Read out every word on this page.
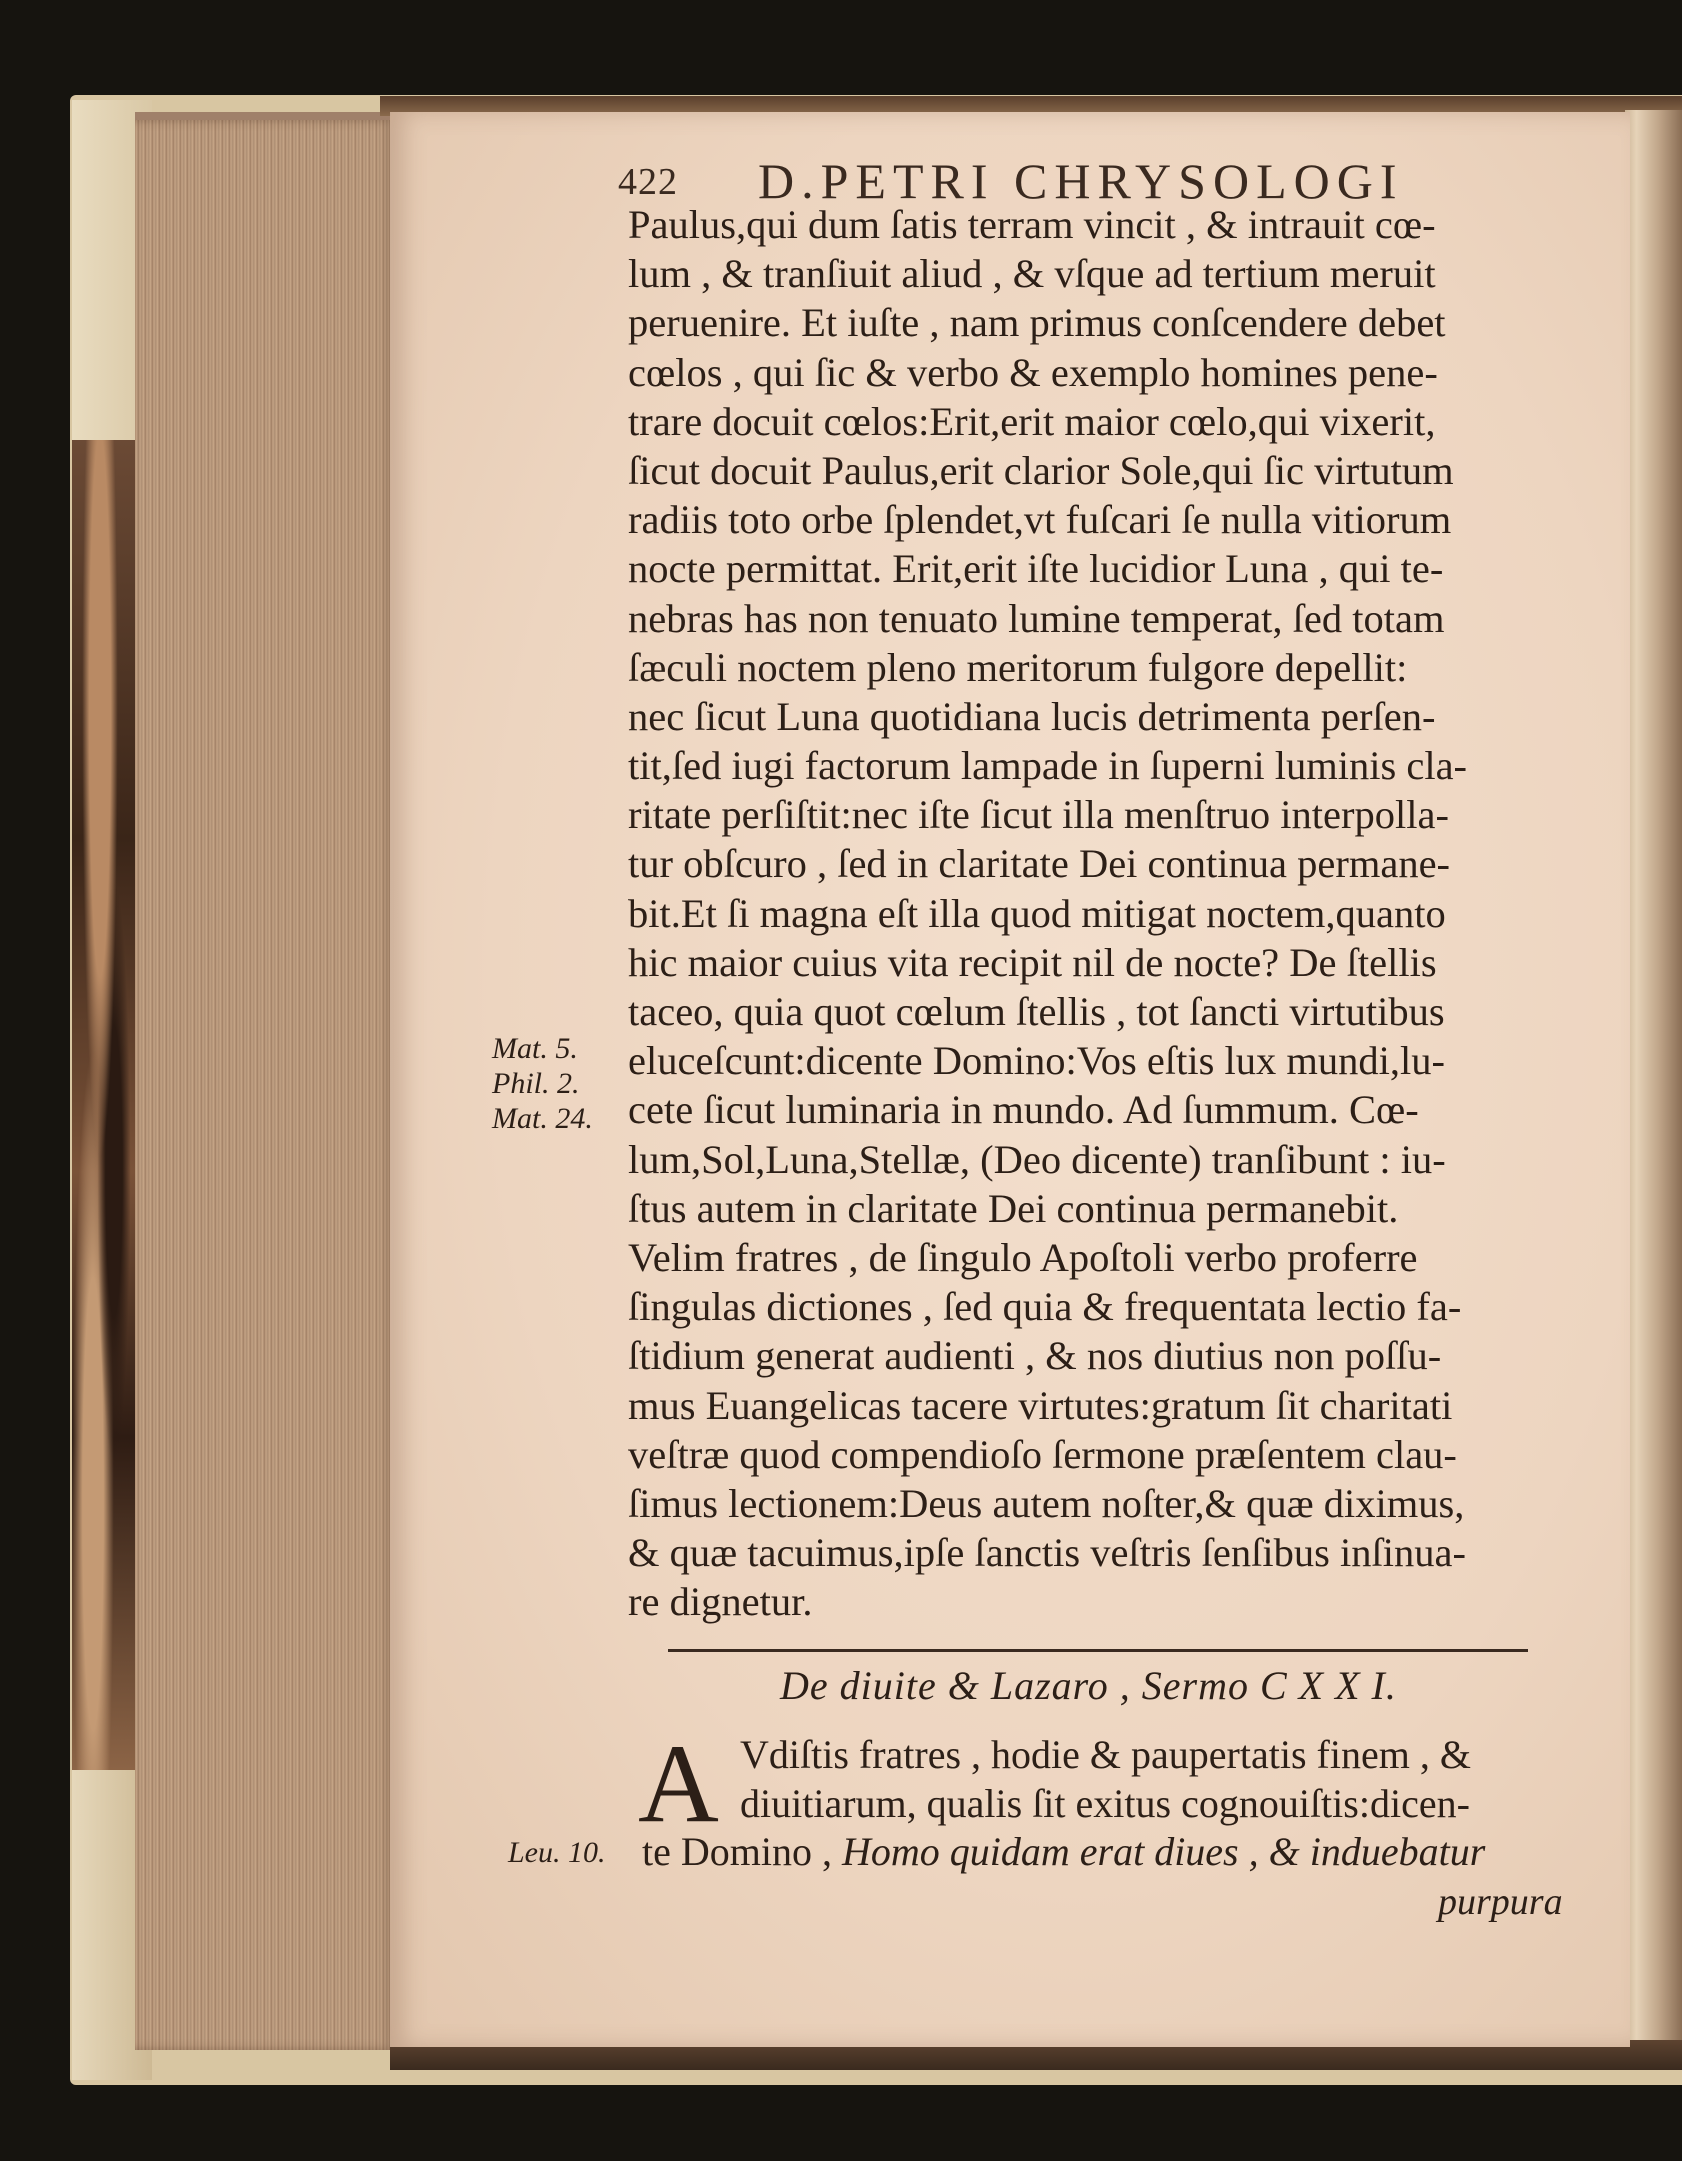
422 D.PETRI CHRYSOLOGI
Paulus,qui dum ſatis terram vincit , & intrauit cœ-
lum , & tranſiuit aliud , & vſque ad tertium meruit
peruenire. Et iuſte , nam primus conſcendere debet
cœlos , qui ſic & verbo & exemplo homines pene-
trare docuit cœlos:Erit,erit maior cœlo,qui vixerit,
ſicut docuit Paulus,erit clarior Sole,qui ſic virtutum
radiis toto orbe ſplendet,vt fuſcari ſe nulla vitiorum
nocte permittat. Erit,erit iſte lucidior Luna , qui te-
nebras has non tenuato lumine temperat, ſed totam
ſæculi noctem pleno meritorum fulgore depellit:
nec ſicut Luna quotidiana lucis detrimenta perſen-
tit,ſed iugi factorum lampade in ſuperni luminis cla-
ritate perſiſtit:nec iſte ſicut illa menſtruo interpolla-
tur obſcuro , ſed in claritate Dei continua permane-
bit.Et ſi magna eſt illa quod mitigat noctem,quanto
hic maior cuius vita recipit nil de nocte? De ſtellis
taceo, quia quot cœlum ſtellis , tot ſancti virtutibus
eluceſcunt:dicente Domino:Vos eſtis lux mundi,lu-
cete ſicut luminaria in mundo. Ad ſummum. Cœ-
lum,Sol,Luna,Stellæ, (Deo dicente) tranſibunt : iu-
ſtus autem in claritate Dei continua permanebit.
Velim fratres , de ſingulo Apoſtoli verbo proferre
ſingulas dictiones , ſed quia & frequentata lectio fa-
ſtidium generat audienti , & nos diutius non poſſu-
mus Euangelicas tacere virtutes:gratum ſit charitati
veſtræ quod compendioſo ſermone præſentem clau-
ſimus lectionem:Deus autem noſter,& quæ diximus,
& quæ tacuimus,ipſe ſanctis veſtris ſenſibus inſinua-
re dignetur.
Mat. 5.
Phil. 2.
Mat. 24.
Leu. 10.
De diuite & Lazaro , Sermo C X X I.
A Vdiſtis fratres , hodie & paupertatis finem , &
diuitiarum, qualis ſit exitus cognouiſtis:dicen-
te Domino , Homo quidam erat diues , & induebatur
purpura
